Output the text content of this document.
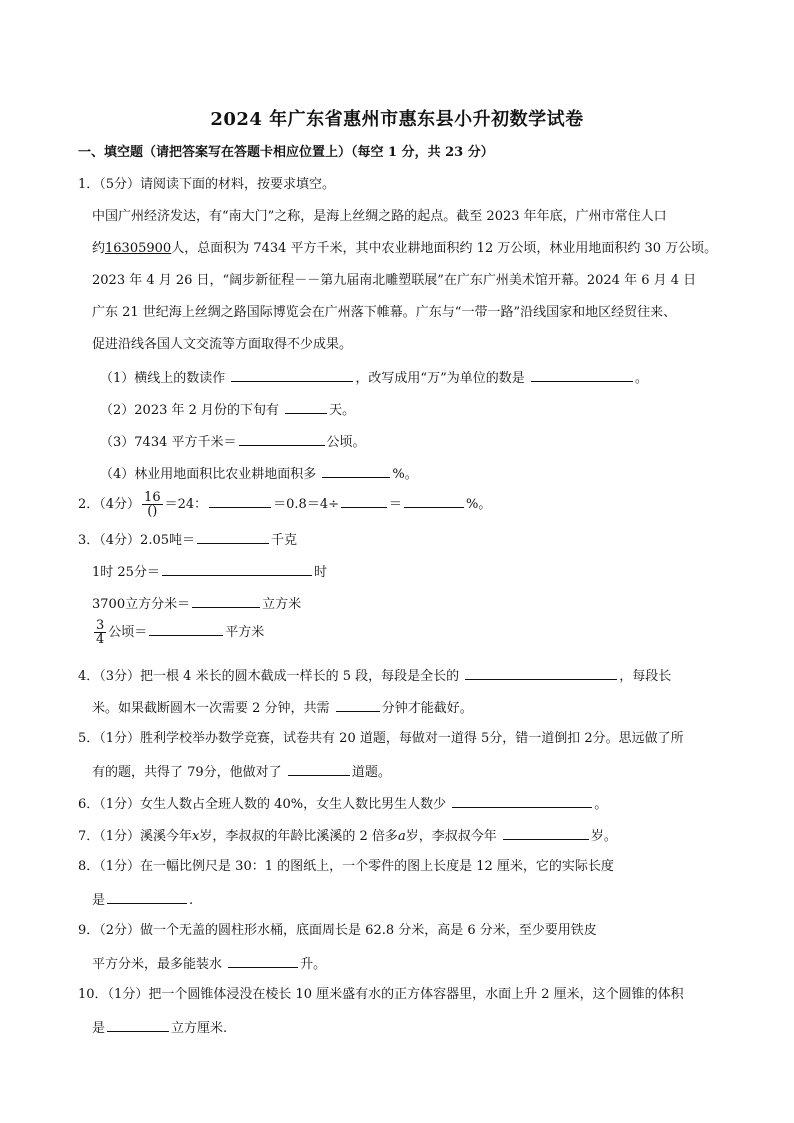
2024 年广东省惠州市惠东县小升初数学试卷
一、填空题（请把答案写在答题卡相应位置上）（每空 1 分，共 23 分）
1．（5分）请阅读下面的材料，按要求填空。
中国广州经济发达，有“南大门”之称，是海上丝绸之路的起点。截至 2023 年年底，广州市常住人口
约16305900人，总面积为 7434 平方千米，其中农业耕地面积约 12 万公顷，林业用地面积约 30 万公顷。
2023 年 4 月 26 日，“阔步新征程－－第九届南北雕塑联展”在广东广州美术馆开幕。2024 年 6 月 4 日
广东 21 世纪海上丝绸之路国际博览会在广州落下帷幕。广东与“一带一路”沿线国家和地区经贸往来、
促进沿线各国人文交流等方面取得不少成果。
（1）横线上的数读作	，改写成用“万”为单位的数是	。
（2）2023 年 2 月份的下旬有	天。
（3）7434 平方千米＝	公顷。
（4）林业用地面积比农业耕地面积多	%。
2．（4分） $\frac{16}{()} =24$：	＝0.8＝4÷	＝	%。
3．（4分）2.05吨＝	千克
1时 25分＝	时
3700立方分米＝	立方米
$\frac{3}{4}$ 公顷＝	平方米
4．（3分）把一根 4 米长的圆木截成一样长的 5 段，每段是全长的	，每段长
米。如果截断圆木一次需要 2 分钟，共需	分钟才能截好。
5．（1分）胜利学校举办数学竞赛，试卷共有 20 道题，每做对一道得 5分，错一道倒扣 2分。思远做了所
有的题，共得了 79分，他做对了	道题。
6．（1分）女生人数占全班人数的 40%，女生人数比男生人数少	。
7．（1分）溪溪今年x岁，李叔叔的年龄比溪溪的 2 倍多a岁，李叔叔今年	岁。
8．（1分）在一幅比例尺是 30：1 的图纸上，一个零件的图上长度是 12 厘米，它的实际长度
是	.
9．（2分）做一个无盖的圆柱形水桶，底面周长是 62.8 分米，高是 6 分米，至少要用铁皮
平方分米，最多能装水	升。
10．（1分）把一个圆锥体浸没在棱长 10 厘米盛有水的正方体容器里，水面上升 2 厘米，这个圆锥的体积
是	立方厘米.
